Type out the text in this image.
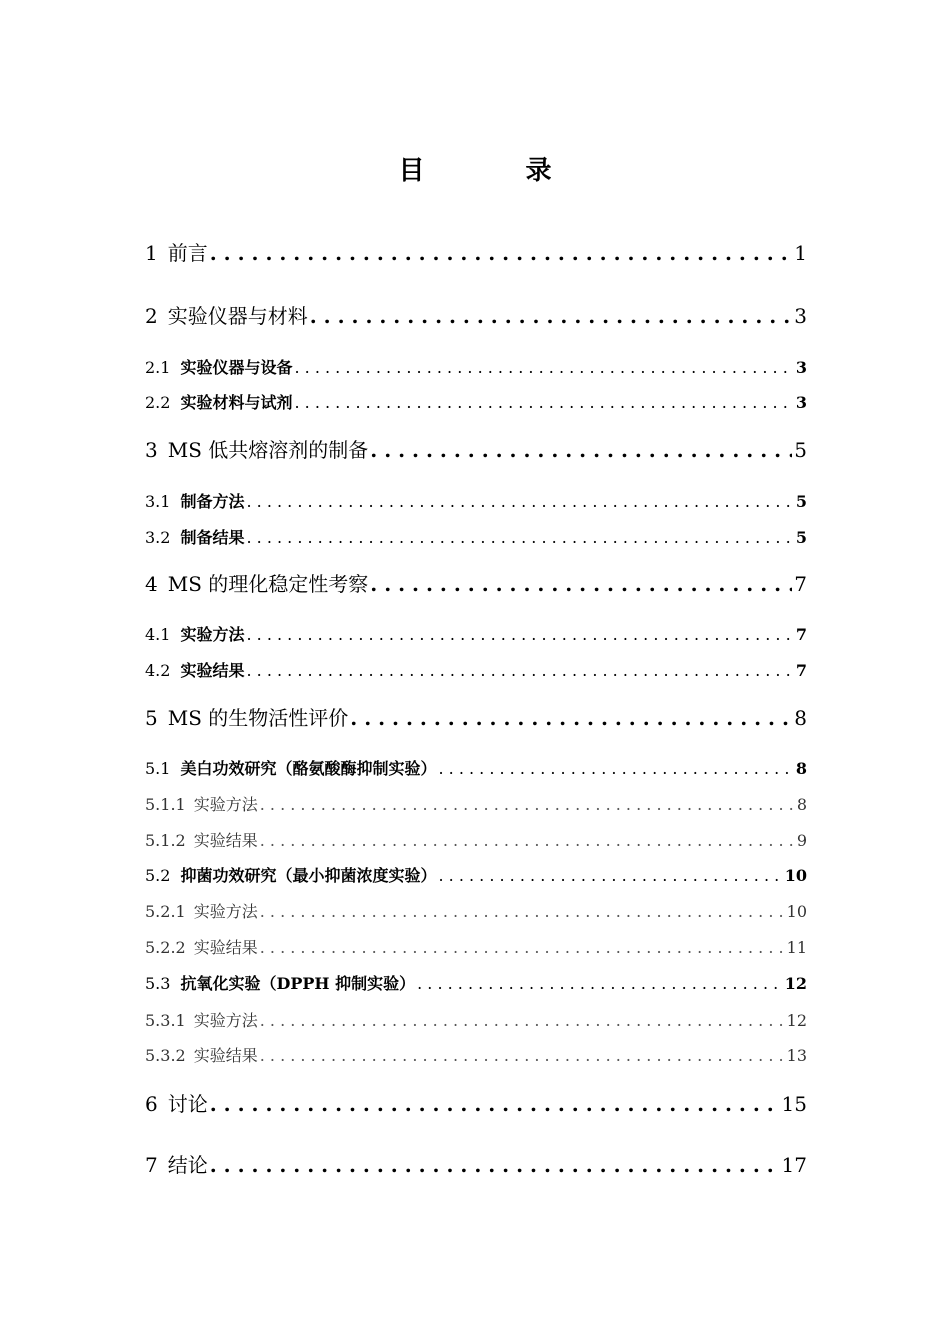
目 录
1 前言 . . .	1
2 实验仪器与材料 . . .	3
2.1 实验仪器与设备 . . .	3
2.2 实验材料与试剂 . . .	3
3 MS 低共熔溶剂的制备 . . .	5
3.1 制备方法 . . .	5
3.2 制备结果 . . .	5
4 MS 的理化稳定性考察 . . .	7
4.1 实验方法 . . .	7
4.2 实验结果 . . .	7
5 MS 的生物活性评价 . . .	8
5.1 美白功效研究（酪氨酸酶抑制实验） . . .	8
5.1.1 实验方法 . . .	8
5.1.2 实验结果 . . .	9
5.2 抑菌功效研究（最小抑菌浓度实验） . . .	10
5.2.1 实验方法 . . .	10
5.2.2 实验结果 . . .	11
5.3 抗氧化实验（DPPH 抑制实验） . . .	12
5.3.1 实验方法 . . .	12
5.3.2 实验结果 . . .	13
6 讨论 . . .	15
7 结论 . . .	17
